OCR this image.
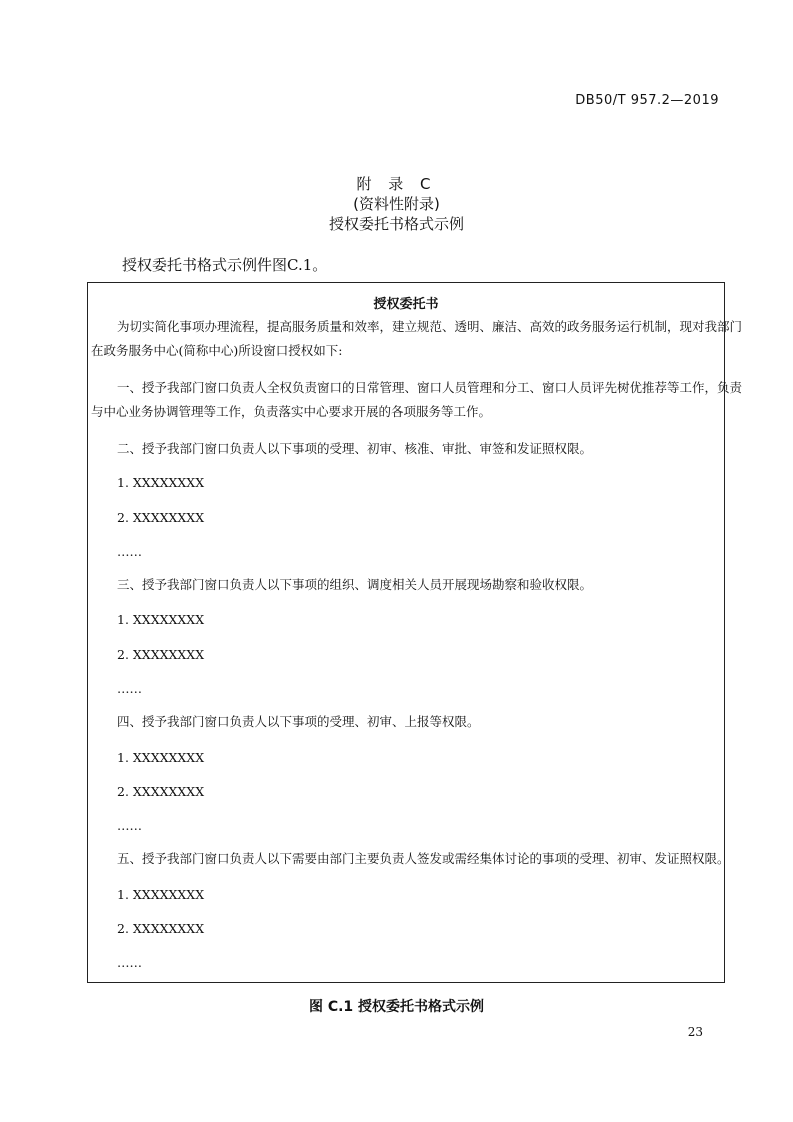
DB50/T 957.2—2019
附 录 C
(资料性附录)
授权委托书格式示例
授权委托书格式示例件图C.1。
授权委托书
为切实简化事项办理流程，提高服务质量和效率，建立规范、透明、廉洁、高效的政务服务运行机制，现对我部门
在政务服务中心(简称中心)所设窗口授权如下:
一、授予我部门窗口负责人全权负责窗口的日常管理、窗口人员管理和分工、窗口人员评先树优推荐等工作，负责
与中心业务协调管理等工作，负责落实中心要求开展的各项服务等工作。
二、授予我部门窗口负责人以下事项的受理、初审、核准、审批、审签和发证照权限。
1. XXXXXXXX
2. XXXXXXXX
……
三、授予我部门窗口负责人以下事项的组织、调度相关人员开展现场勘察和验收权限。
1. XXXXXXXX
2. XXXXXXXX
……
四、授予我部门窗口负责人以下事项的受理、初审、上报等权限。
1. XXXXXXXX
2. XXXXXXXX
……
五、授予我部门窗口负责人以下需要由部门主要负责人签发或需经集体讨论的事项的受理、初审、发证照权限。
1. XXXXXXXX
2. XXXXXXXX
……
图 C.1 授权委托书格式示例
23
